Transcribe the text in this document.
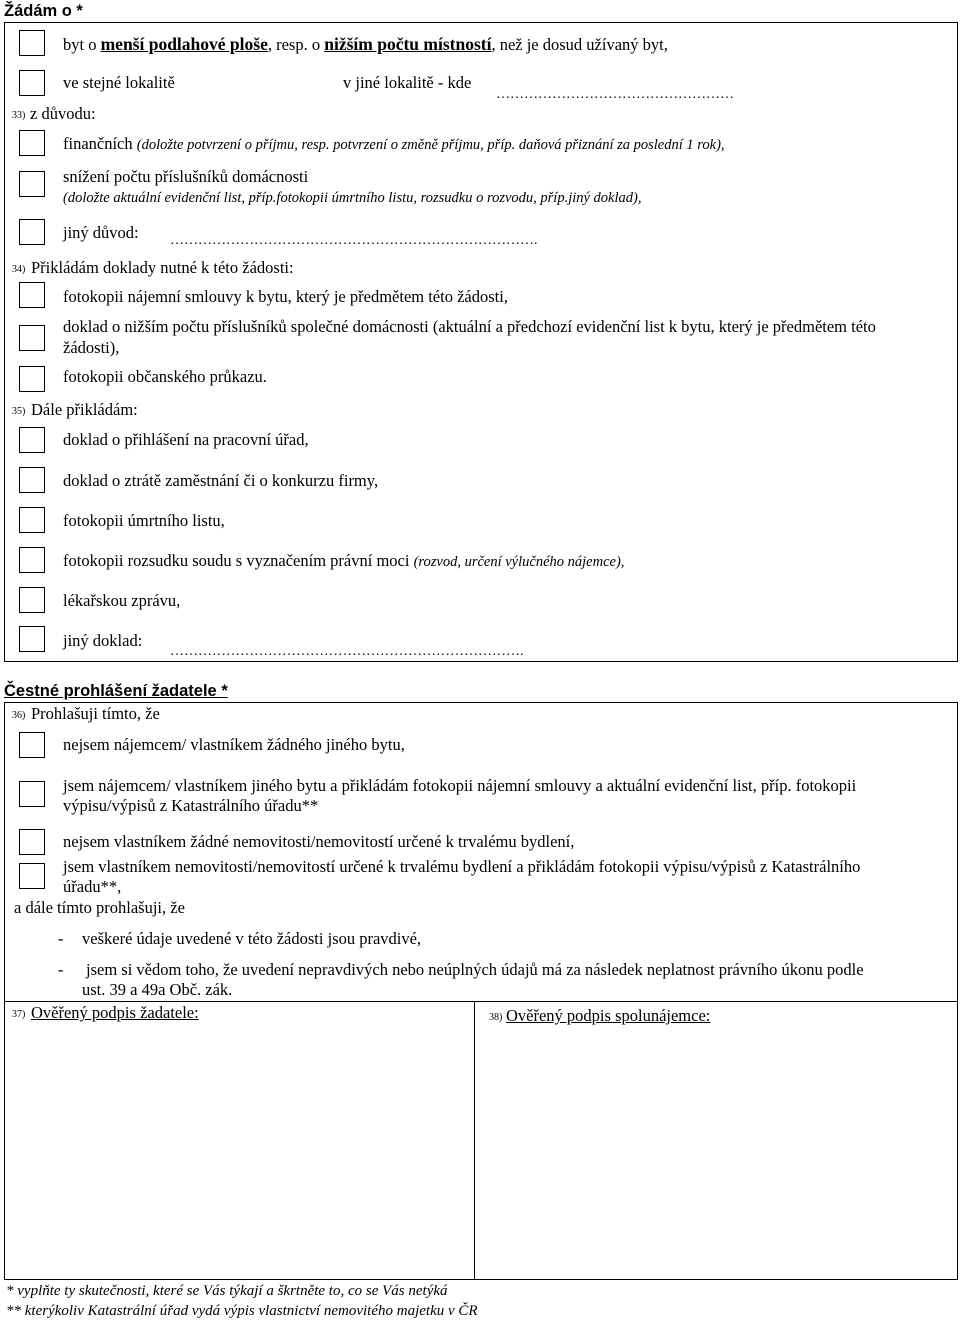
Žádám o *
byt o menší podlahové ploše, resp. o nižším počtu místností, než je dosud užívaný byt,
ve stejné lokalitě	v jiné lokalitě - kde
……………………………………………
33) z důvodu:
finančních (doložte potvrzení o příjmu, resp. potvrzení o změně příjmu, příp. daňová přiznání za poslední 1 rok),
snížení počtu příslušníků domácnosti
(doložte aktuální evidenční list, příp.fotokopii úmrtního listu, rozsudku o rozvodu, příp.jiný doklad),
jiný důvod: …………………………………………………………………….
34) Přikládám doklady nutné k této žádosti:
fotokopii nájemní smlouvy k bytu, který je předmětem této žádosti,
doklad o nižším počtu příslušníků společné domácnosti (aktuální a předchozí evidenční list k bytu, který je předmětem této
žádosti),
fotokopii občanského průkazu.
35) Dále přikládám:
doklad o přihlášení na pracovní úřad,
doklad o ztrátě zaměstnání či o konkurzu firmy,
fotokopii úmrtního listu,
fotokopii rozsudku soudu s vyznačením právní moci (rozvod, určení výlučného nájemce),
lékařskou zprávu,
jiný doklad:
………………………………………………………………….
Čestné prohlášení žadatele *
36) Prohlašuji tímto, že
nejsem nájemcem/ vlastníkem žádného jiného bytu,
jsem nájemcem/ vlastníkem jiného bytu a přikládám fotokopii nájemní smlouvy a aktuální evidenční list, příp. fotokopii
výpisu/výpisů z Katastrálního úřadu**
nejsem vlastníkem žádné nemovitosti/nemovitostí určené k trvalému bydlení,
jsem vlastníkem nemovitosti/nemovitostí určené k trvalému bydlení a přikládám fotokopii výpisu/výpisů z Katastrálního
úřadu**,
a dále tímto prohlašuji, že
- veškeré údaje uvedené v této žádosti jsou pravdivé,
- jsem si vědom toho, že uvedení nepravdivých nebo neúplných údajů má za následek neplatnost právního úkonu podle
ust. 39 a 49a Obč. zák.
37) Ověřený podpis žadatele:	38) Ověřený podpis spolunájemce:
* vyplňte ty skutečnosti, které se Vás týkají a škrtněte to, co se Vás netýká
** kterýkoliv Katastrální úřad vydá výpis vlastnictví nemovitého majetku v ČR
